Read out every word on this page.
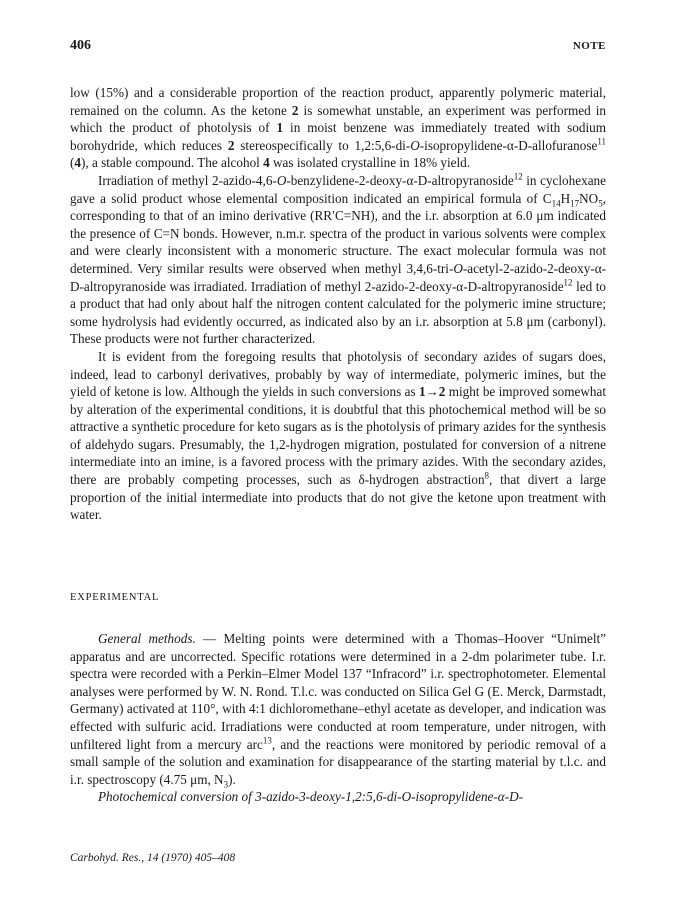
406	NOTE

low (15%) and a considerable proportion of the reaction product, apparently polymeric material, remained on the column. As the ketone 2 is somewhat unstable, an experiment was performed in which the product of photolysis of 1 in moist benzene was immediately treated with sodium borohydride, which reduces 2 stereospecifically to 1,2:5,6-di-O-isopropylidene-α-D-allofuranose$^{11}$ (4), a stable compound. The alcohol 4 was isolated crystalline in 18% yield.

Irradiation of methyl 2-azido-4,6-O-benzylidene-2-deoxy-α-D-altropyranoside$^{12}$ in cyclohexane gave a solid product whose elemental composition indicated an empirical formula of $C_{14}H_{17}NO_5$, corresponding to that of an imino derivative (RR′C=NH), and the i.r. absorption at 6.0 μm indicated the presence of C=N bonds. However, n.m.r. spectra of the product in various solvents were complex and were clearly inconsistent with a monomeric structure. The exact molecular formula was not determined. Very similar results were observed when methyl 3,4,6-tri-O-acetyl-2-azido-2-deoxy-α-D-altropyranoside was irradiated. Irradiation of methyl 2-azido-2-deoxy-α-D-altropyranoside$^{12}$ led to a product that had only about half the nitrogen content calculated for the polymeric imine structure; some hydrolysis had evidently occurred, as indicated also by an i.r. absorption at 5.8 μm (carbonyl). These products were not further characterized.

It is evident from the foregoing results that photolysis of secondary azides of sugars does, indeed, lead to carbonyl derivatives, probably by way of intermediate, polymeric imines, but the yield of ketone is low. Although the yields in such conversions as 1→2 might be improved somewhat by alteration of the experimental conditions, it is doubtful that this photochemical method will be so attractive a synthetic procedure for keto sugars as is the photolysis of primary azides for the synthesis of aldehydo sugars. Presumably, the 1,2-hydrogen migration, postulated for conversion of a nitrene intermediate into an imine, is a favored process with the primary azides. With the secondary azides, there are probably competing processes, such as δ-hydrogen abstraction$^8$, that divert a large proportion of the initial intermediate into products that do not give the ketone upon treatment with water.

EXPERIMENTAL

General methods. — Melting points were determined with a Thomas–Hoover “Unimelt” apparatus and are uncorrected. Specific rotations were determined in a 2-dm polarimeter tube. I.r. spectra were recorded with a Perkin–Elmer Model 137 “Infracord” i.r. spectrophotometer. Elemental analyses were performed by W. N. Rond. T.l.c. was conducted on Silica Gel G (E. Merck, Darmstadt, Germany) activated at 110°, with 4:1 dichloromethane–ethyl acetate as developer, and indication was effected with sulfuric acid. Irradiations were conducted at room temperature, under nitrogen, with unfiltered light from a mercury arc$^{13}$, and the reactions were monitored by periodic removal of a small sample of the solution and examination for disappearance of the starting material by t.l.c. and i.r. spectroscopy (4.75 μm, $N_3$).

Photochemical conversion of 3-azido-3-deoxy-1,2:5,6-di-O-isopropylidene-α-D-

Carbohyd. Res., 14 (1970) 405–408
